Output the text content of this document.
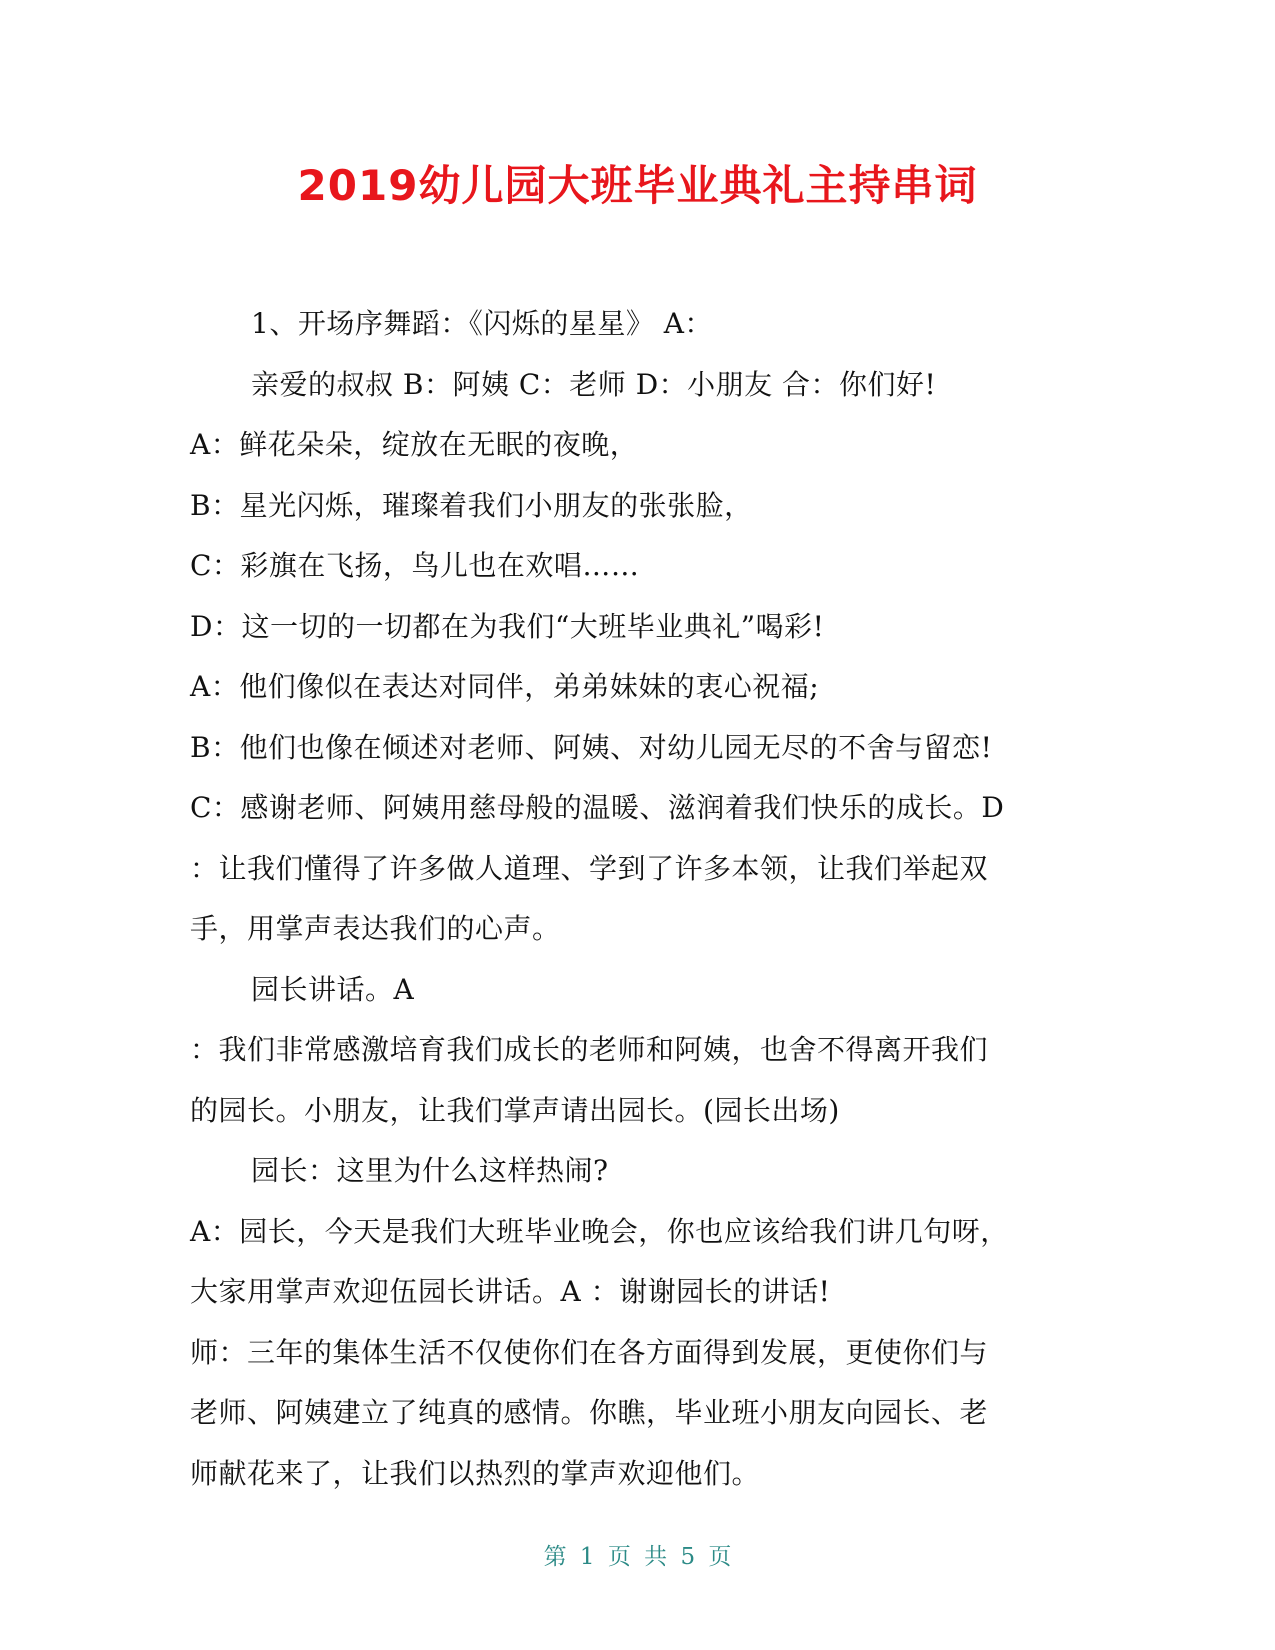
2019幼儿园大班毕业典礼主持串词
1、开场序舞蹈：《闪烁的星星》 A：
亲爱的叔叔 B：阿姨 C：老师 D：小朋友 合：你们好!
A：鲜花朵朵，绽放在无眠的夜晚，
B：星光闪烁，璀璨着我们小朋友的张张脸，
C：彩旗在飞扬，鸟儿也在欢唱……
D：这一切的一切都在为我们“大班毕业典礼”喝彩!
A：他们像似在表达对同伴，弟弟妹妹的衷心祝福;
B：他们也像在倾述对老师、阿姨、对幼儿园无尽的不舍与留恋!
C：感谢老师、阿姨用慈母般的温暖、滋润着我们快乐的成长。D
：让我们懂得了许多做人道理、学到了许多本领，让我们举起双
手，用掌声表达我们的心声。
园长讲话。A
：我们非常感激培育我们成长的老师和阿姨，也舍不得离开我们
的园长。小朋友，让我们掌声请出园长。(园长出场)
园长：这里为什么这样热闹?
A：园长，今天是我们大班毕业晚会，你也应该给我们讲几句呀，
大家用掌声欢迎伍园长讲话。A ：谢谢园长的讲话!
师：三年的集体生活不仅使你们在各方面得到发展，更使你们与
老师、阿姨建立了纯真的感情。你瞧，毕业班小朋友向园长、老
师献花来了，让我们以热烈的掌声欢迎他们。
第 1 页 共 5 页
